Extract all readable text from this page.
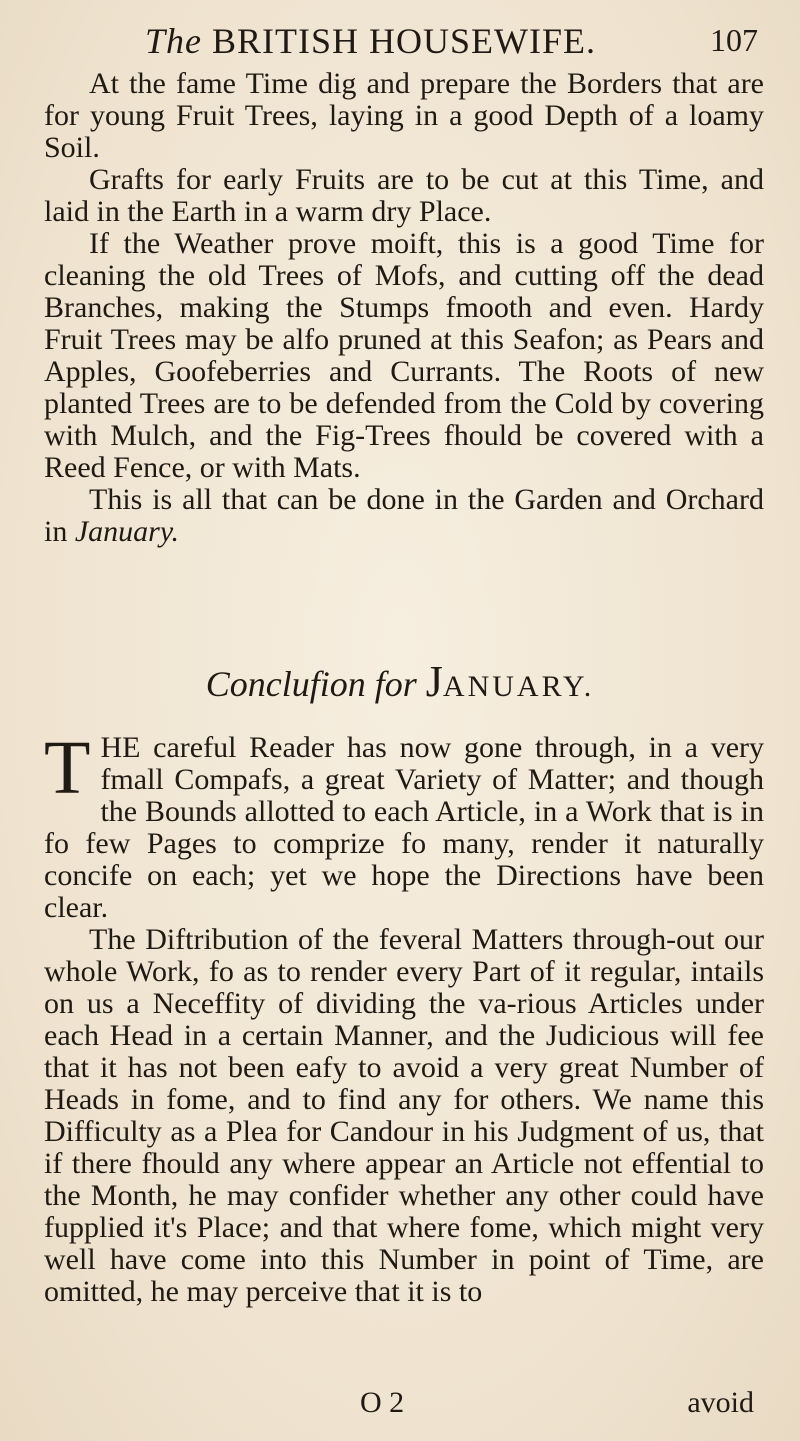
The BRITISH HOUSEWIFE.	107

At the fame Time dig and prepare the Borders that are for young Fruit Trees, laying in a good Depth of a loamy Soil.

Grafts for early Fruits are to be cut at this Time, and laid in the Earth in a warm dry Place.

If the Weather prove moift, this is a good Time for cleaning the old Trees of Mofs, and cutting off the dead Branches, making the Stumps fmooth and even. Hardy Fruit Trees may be alfo pruned at this Seafon; as Pears and Apples, Goofeberries and Currants. The Roots of new planted Trees are to be defended from the Cold by covering with Mulch, and the Fig-Trees fhould be covered with a Reed Fence, or with Mats.

This is all that can be done in the Garden and Orchard in January.

Conclufion for JANUARY.

THE careful Reader has now gone through, in a very fmall Compafs, a great Variety of Matter; and though the Bounds allotted to each Article, in a Work that is in fo few Pages to comprize fo many, render it naturally concife on each; yet we hope the Directions have been clear.

The Diftribution of the feveral Matters through-out our whole Work, fo as to render every Part of it regular, intails on us a Neceffity of dividing the va-rious Articles under each Head in a certain Manner, and the Judicious will fee that it has not been eafy to avoid a very great Number of Heads in fome, and to find any for others. We name this Difficulty as a Plea for Candour in his Judgment of us, that if there fhould any where appear an Article not effential to the Month, he may confider whether any other could have fupplied it's Place; and that where fome, which might very well have come into this Number in point of Time, are omitted, he may perceive that it is to

O 2	avoid
